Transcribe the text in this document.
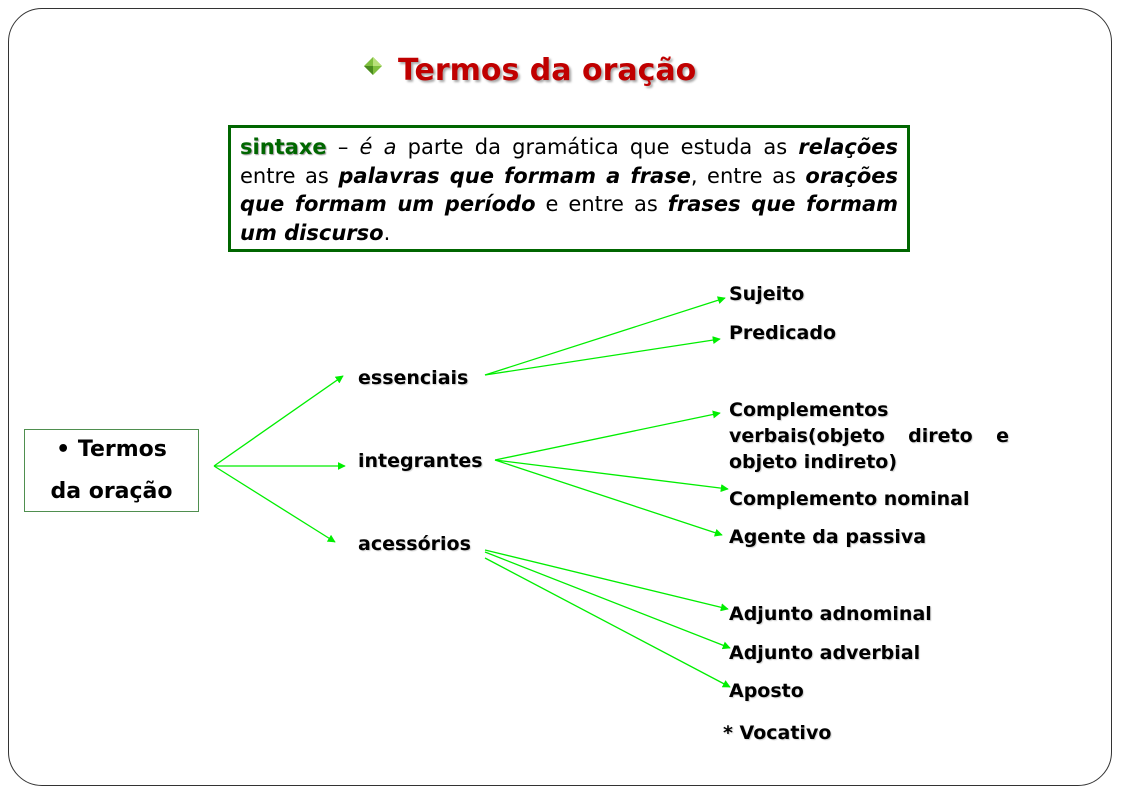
Termos da oração
sintaxe – é a parte da gramática que estuda as relações entre as palavras que formam a frase, entre as orações que formam um período e entre as frases que formam um discurso.
• Termos
da oração
essenciais
integrantes
acessórios
Sujeito
Predicado
Complementos verbais(objeto direto e objeto indireto)
Complemento nominal
Agente da passiva
Adjunto adnominal
Adjunto adverbial
Aposto
* Vocativo
